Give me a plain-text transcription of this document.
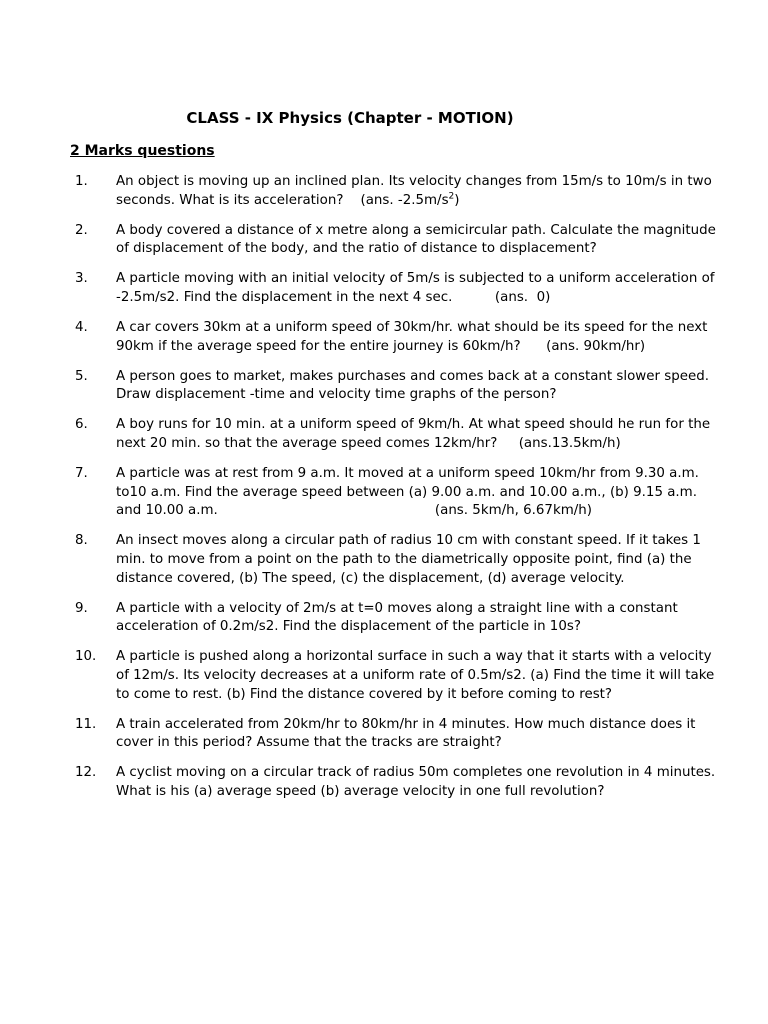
CLASS - IX Physics (Chapter - MOTION)
2 Marks questions
1. An object is moving up an inclined plan. Its velocity changes from 15m/s to 10m/s in two seconds. What is its acceleration?    (ans. $-2.5m/s^2$)
2. A body covered a distance of x metre along a semicircular path. Calculate the magnitude of displacement of the body, and the ratio of distance to displacement?
3. A particle moving with an initial velocity of 5m/s is subjected to a uniform acceleration of -2.5m/s2. Find the displacement in the next 4 sec.          (ans.  0)
4. A car covers 30km at a uniform speed of 30km/hr. what should be its speed for the next 90km if the average speed for the entire journey is 60km/h?      (ans. 90km/hr)
5. A person goes to market, makes purchases and comes back at a constant slower speed. Draw displacement -time and velocity time graphs of the person?
6. A boy runs for 10 min. at a uniform speed of 9km/h. At what speed should he run for the next 20 min. so that the average speed comes 12km/hr?     (ans.13.5km/h)
7. A particle was at rest from 9 a.m. It moved at a uniform speed 10km/hr from 9.30 a.m. to10 a.m. Find the average speed between (a) 9.00 a.m. and 10.00 a.m., (b) 9.15 a.m. and 10.00 a.m.                                                   (ans. 5km/h, 6.67km/h)
8. An insect moves along a circular path of radius 10 cm with constant speed. If it takes 1 min. to move from a point on the path to the diametrically opposite point, find (a) the distance covered, (b) The speed, (c) the displacement, (d) average velocity.
9. A particle with a velocity of 2m/s at t=0 moves along a straight line with a constant acceleration of 0.2m/s2. Find the displacement of the particle in 10s?
10. A particle is pushed along a horizontal surface in such a way that it starts with a velocity of 12m/s. Its velocity decreases at a uniform rate of 0.5m/s2. (a) Find the time it will take to come to rest. (b) Find the distance covered by it before coming to rest?
11. A train accelerated from 20km/hr to 80km/hr in 4 minutes. How much distance does it cover in this period? Assume that the tracks are straight?
12. A cyclist moving on a circular track of radius 50m completes one revolution in 4 minutes. What is his (a) average speed (b) average velocity in one full revolution?
